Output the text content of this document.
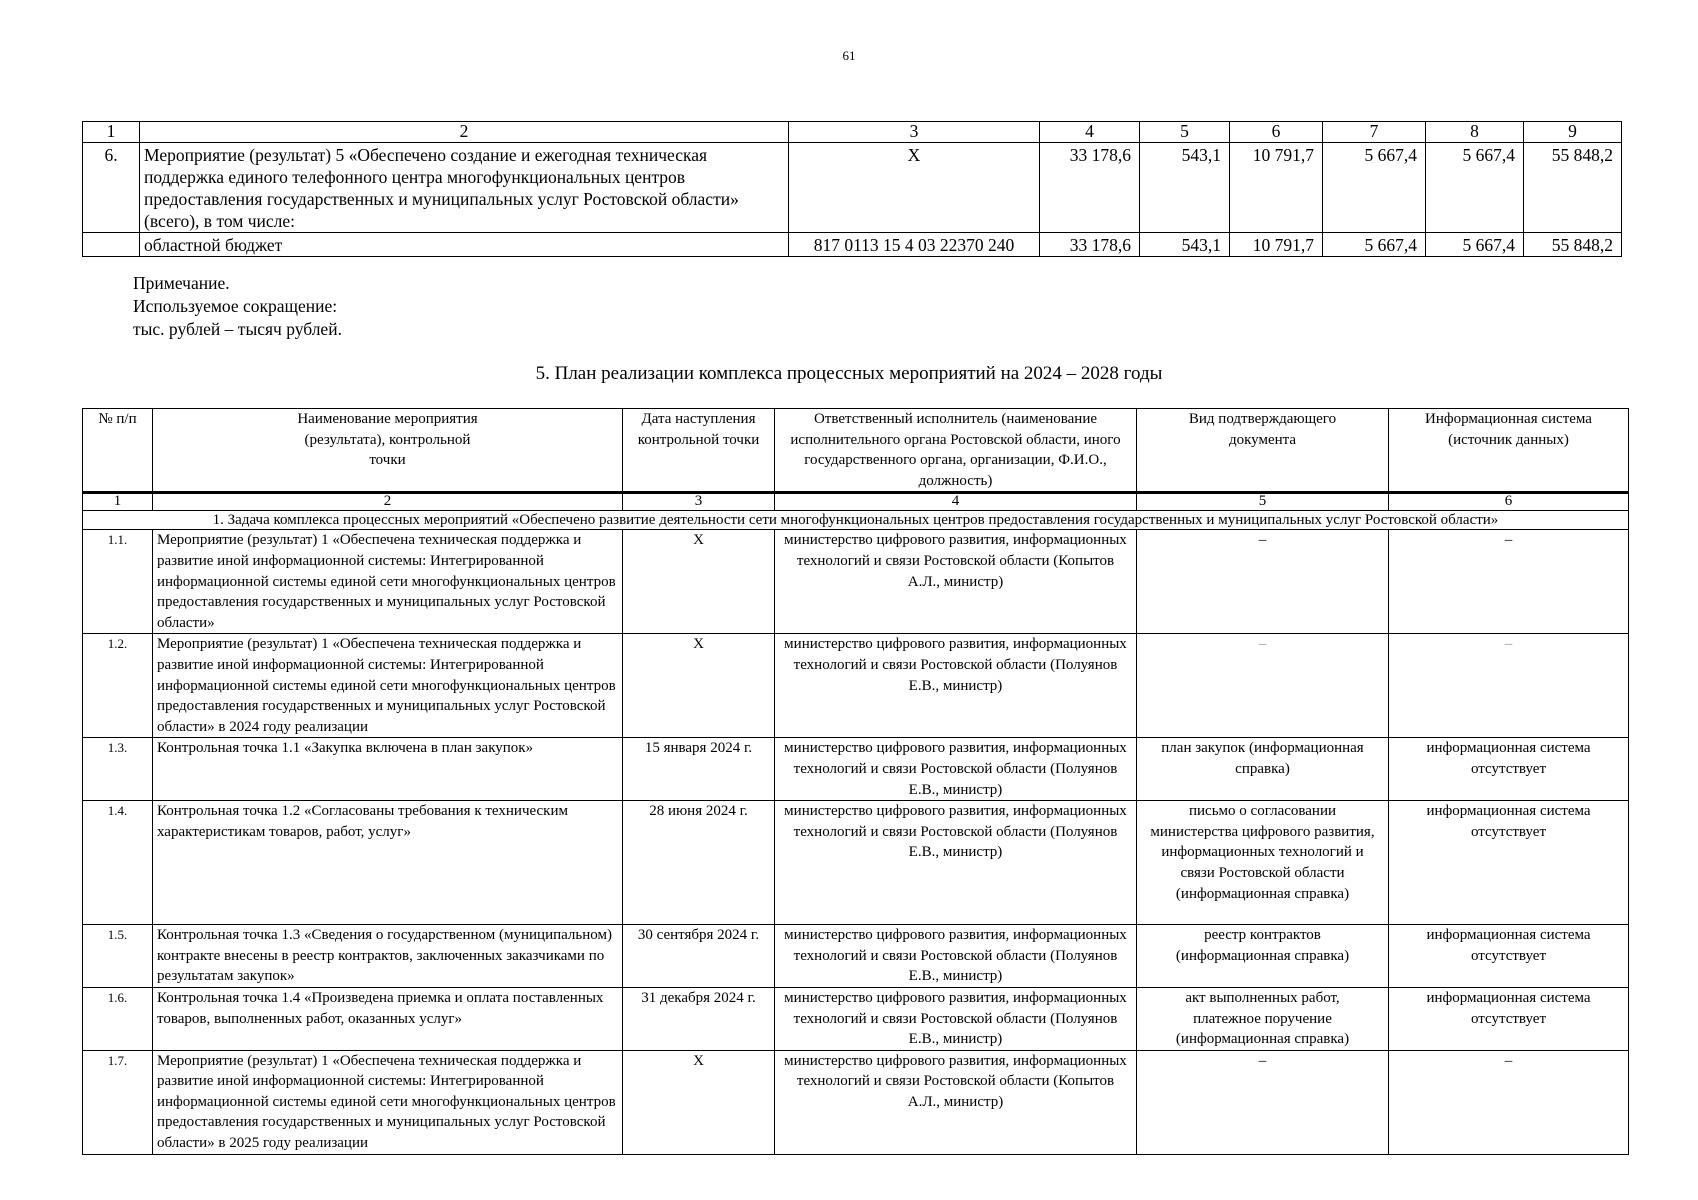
61
1	2	3	4	5	6	7	8	9
6.	Мероприятие (результат) 5 «Обеспечено создание и ежегодная техническая поддержка единого телефонного центра многофункциональных центров предоставления государственных и муниципальных услуг Ростовской области» (всего), в том числе:	X	33 178,6	543,1	10 791,7	5 667,4	5 667,4	55 848,2
	областной бюджет	817 0113 15 4 03 22370 240	33 178,6	543,1	10 791,7	5 667,4	5 667,4	55 848,2
Примечание.
Используемое сокращение:
тыс. рублей – тысяч рублей.
5. План реализации комплекса процессных мероприятий на 2024 – 2028 годы
№ п/п	Наименование мероприятия (результата), контрольной точки	Дата наступления контрольной точки	Ответственный исполнитель (наименование исполнительного органа Ростовской области, иного государственного органа, организации, Ф.И.О., должность)	Вид подтверждающего документа	Информационная система (источник данных)
1	2	3	4	5	6
1. Задача комплекса процессных мероприятий «Обеспечено развитие деятельности сети многофункциональных центров предоставления государственных и муниципальных услуг Ростовской области»					
1.1.	Мероприятие (результат) 1 «Обеспечена техническая поддержка и развитие иной информационной системы: Интегрированной информационной системы единой сети многофункциональных центров предоставления государственных и муниципальных услуг Ростовской области»	X	министерство цифрового развития, информационных технологий и связи Ростовской области (Копытов А.Л., министр)	–	–
1.2.	Мероприятие (результат) 1 «Обеспечена техническая поддержка и развитие иной информационной системы: Интегрированной информационной системы единой сети многофункциональных центров предоставления государственных и муниципальных услуг Ростовской области» в 2024 году реализации	X	министерство цифрового развития, информационных технологий и связи Ростовской области (Полуянов Е.В., министр)	–	–
1.3.	Контрольная точка 1.1 «Закупка включена в план закупок»	15 января 2024 г.	министерство цифрового развития, информационных технологий и связи Ростовской области (Полуянов Е.В., министр)	план закупок (информационная справка)	информационная система отсутствует
1.4.	Контрольная точка 1.2 «Согласованы требования к техническим характеристикам товаров, работ, услуг»	28 июня 2024 г.	министерство цифрового развития, информационных технологий и связи Ростовской области (Полуянов Е.В., министр)	письмо о согласовании министерства цифрового развития, информационных технологий и связи Ростовской области (информационная справка)	информационная система отсутствует
1.5.	Контрольная точка 1.3 «Сведения о государственном (муниципальном) контракте внесены в реестр контрактов, заключенных заказчиками по результатам закупок»	30 сентября 2024 г.	министерство цифрового развития, информационных технологий и связи Ростовской области (Полуянов Е.В., министр)	реестр контрактов (информационная справка)	информационная система отсутствует
1.6.	Контрольная точка 1.4 «Произведена приемка и оплата поставленных товаров, выполненных работ, оказанных услуг»	31 декабря 2024 г.	министерство цифрового развития, информационных технологий и связи Ростовской области (Полуянов Е.В., министр)	акт выполненных работ, платежное поручение (информационная справка)	информационная система отсутствует
1.7.	Мероприятие (результат) 1 «Обеспечена техническая поддержка и развитие иной информационной системы: Интегрированной информационной системы единой сети многофункциональных центров предоставления государственных и муниципальных услуг Ростовской области» в 2025 году реализации	X	министерство цифрового развития, информационных технологий и связи Ростовской области (Копытов А.Л., министр)	–	–
